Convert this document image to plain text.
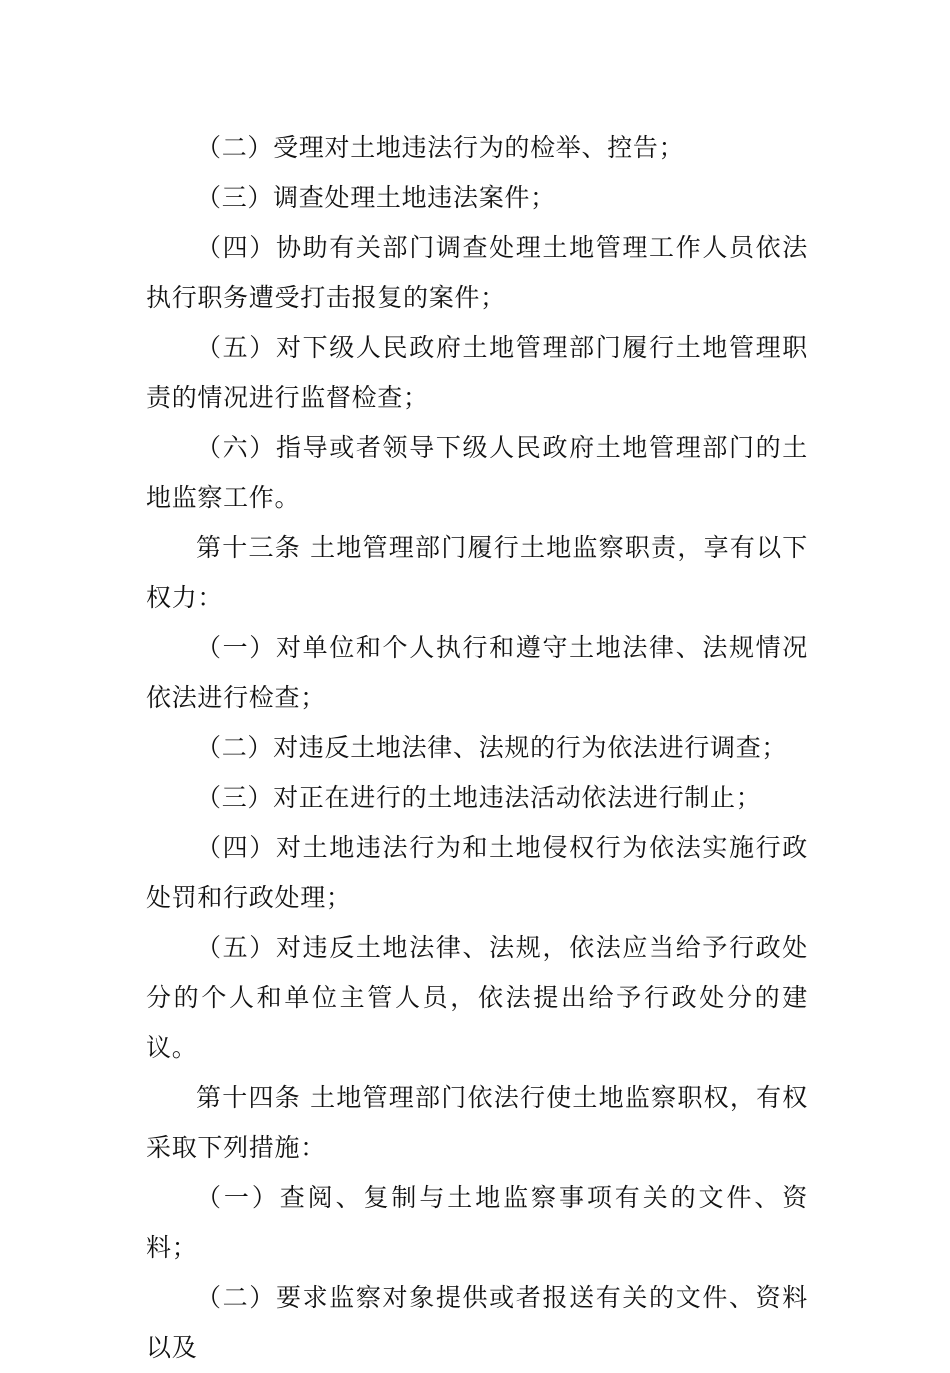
（二）受理对土地违法行为的检举、控告；

（三）调查处理土地违法案件；

（四）协助有关部门调查处理土地管理工作人员依法执行职务遭受打击报复的案件；

（五）对下级人民政府土地管理部门履行土地管理职责的情况进行监督检查；

（六）指导或者领导下级人民政府土地管理部门的土地监察工作。

第十三条 土地管理部门履行土地监察职责，享有以下权力：

（一）对单位和个人执行和遵守土地法律、法规情况依法进行检查；

（二）对违反土地法律、法规的行为依法进行调查；

（三）对正在进行的土地违法活动依法进行制止；

（四）对土地违法行为和土地侵权行为依法实施行政处罚和行政处理；

（五）对违反土地法律、法规，依法应当给予行政处分的个人和单位主管人员，依法提出给予行政处分的建议。

第十四条 土地管理部门依法行使土地监察职权，有权采取下列措施：

（一）查阅、复制与土地监察事项有关的文件、资料；

（二）要求监察对象提供或者报送有关的文件、资料以及
